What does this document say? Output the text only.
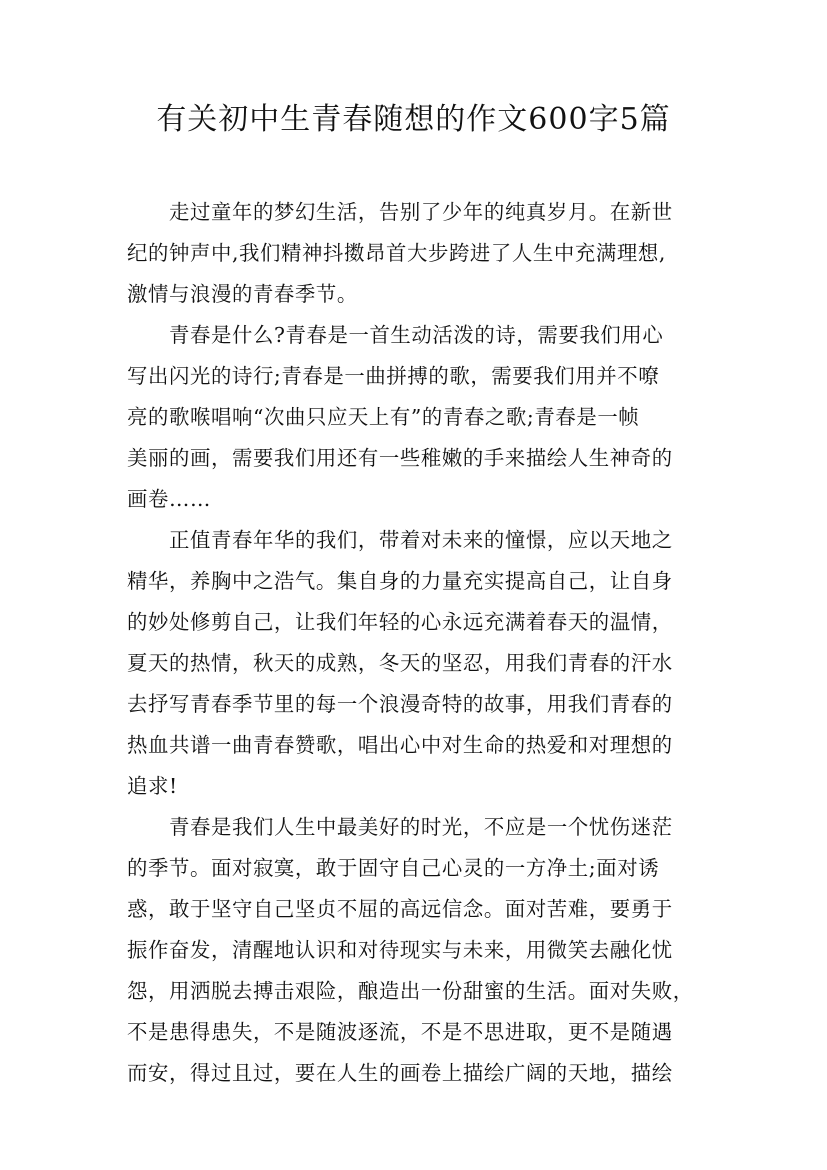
有关初中生青春随想的作文600字5篇
走过童年的梦幻生活，告别了少年的纯真岁月。在新世
纪的钟声中,我们精神抖擞昂首大步跨进了人生中充满理想,
激情与浪漫的青春季节。
青春是什么?青春是一首生动活泼的诗，需要我们用心
写出闪光的诗行;青春是一曲拼搏的歌，需要我们用并不嘹
亮的歌喉唱响“次曲只应天上有”的青春之歌;青春是一帧
美丽的画，需要我们用还有一些稚嫩的手来描绘人生神奇的
画卷……
正值青春年华的我们，带着对未来的憧憬，应以天地之
精华，养胸中之浩气。集自身的力量充实提高自己，让自身
的妙处修剪自己，让我们年轻的心永远充满着春天的温情，
夏天的热情，秋天的成熟，冬天的坚忍，用我们青春的汗水
去抒写青春季节里的每一个浪漫奇特的故事，用我们青春的
热血共谱一曲青春赞歌，唱出心中对生命的热爱和对理想的
追求!
青春是我们人生中最美好的时光，不应是一个忧伤迷茫
的季节。面对寂寞，敢于固守自己心灵的一方净土;面对诱
惑，敢于坚守自己坚贞不屈的高远信念。面对苦难，要勇于
振作奋发，清醒地认识和对待现实与未来，用微笑去融化忧
怨，用洒脱去搏击艰险，酿造出一份甜蜜的生活。面对失败，
不是患得患失，不是随波逐流，不是不思进取，更不是随遇
而安，得过且过，要在人生的画卷上描绘广阔的天地，描绘
